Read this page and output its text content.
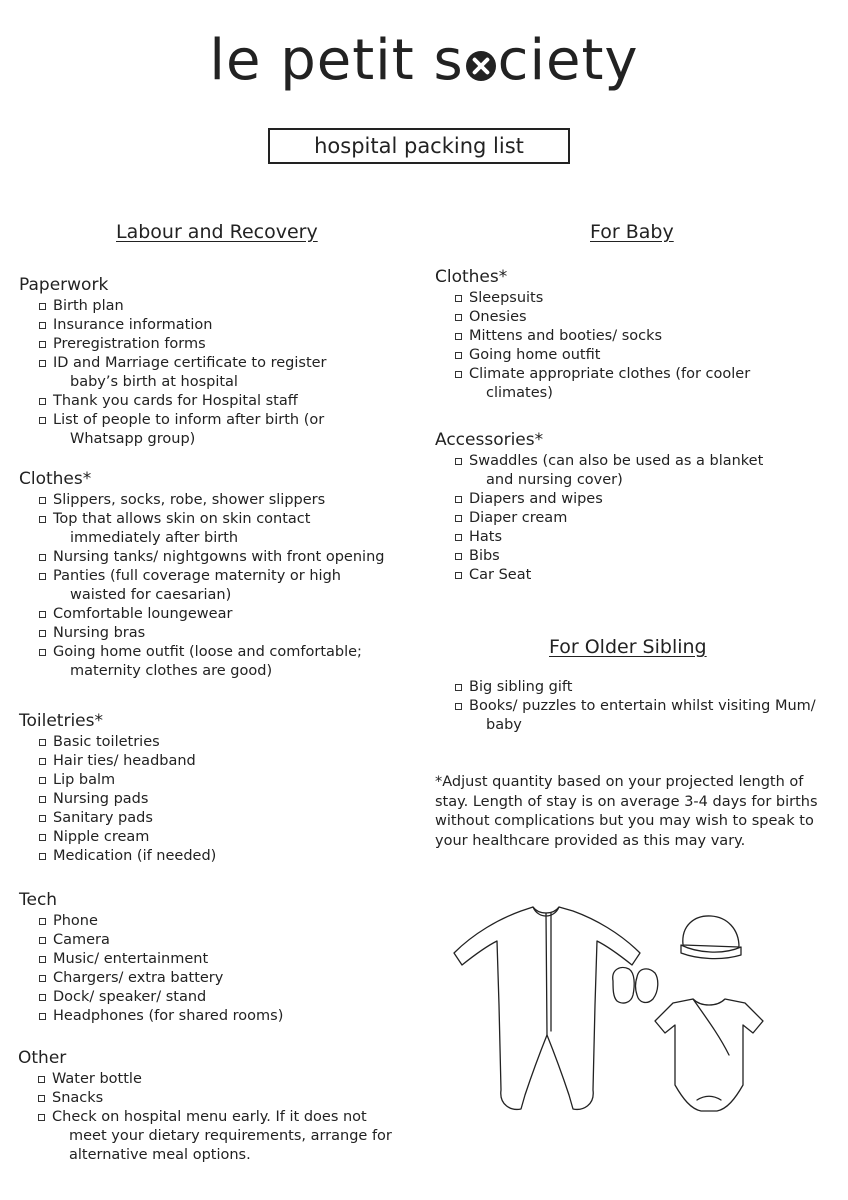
le petit s ciety
hospital packing list
Labour and Recovery	For Baby
For Older Sibling
Paperwork
Birth plan
Insurance information
Preregistration forms
ID and Marriage certificate to register
baby’s birth at hospital
Thank you cards for Hospital staff
List of people to inform after birth (or
Whatsapp group)
Clothes*
Slippers, socks, robe, shower slippers
Top that allows skin on skin contact
immediately after birth
Nursing tanks/ nightgowns with front opening
Panties (full coverage maternity or high
waisted for caesarian)
Comfortable loungewear
Nursing bras
Going home outfit (loose and comfortable;
maternity clothes are good)
Toiletries*
Basic toiletries
Hair ties/ headband
Lip balm
Nursing pads
Sanitary pads
Nipple cream
Medication (if needed)
Tech
Phone
Camera
Music/ entertainment
Chargers/ extra battery
Dock/ speaker/ stand
Headphones (for shared rooms)
Other
Water bottle
Snacks
Check on hospital menu early. If it does not
meet your dietary requirements, arrange for
alternative meal options.
Clothes*
Sleepsuits
Onesies
Mittens and booties/ socks
Going home outfit
Climate appropriate clothes (for cooler
climates)
Accessories*
Swaddles (can also be used as a blanket
and nursing cover)
Diapers and wipes
Diaper cream
Hats
Bibs
Car Seat
Big sibling gift
Books/ puzzles to entertain whilst visiting Mum/
baby
*Adjust quantity based on your projected length of stay. Length of stay is on average 3-4 days for births without complications but you may wish to speak to your healthcare provided as this may vary.
